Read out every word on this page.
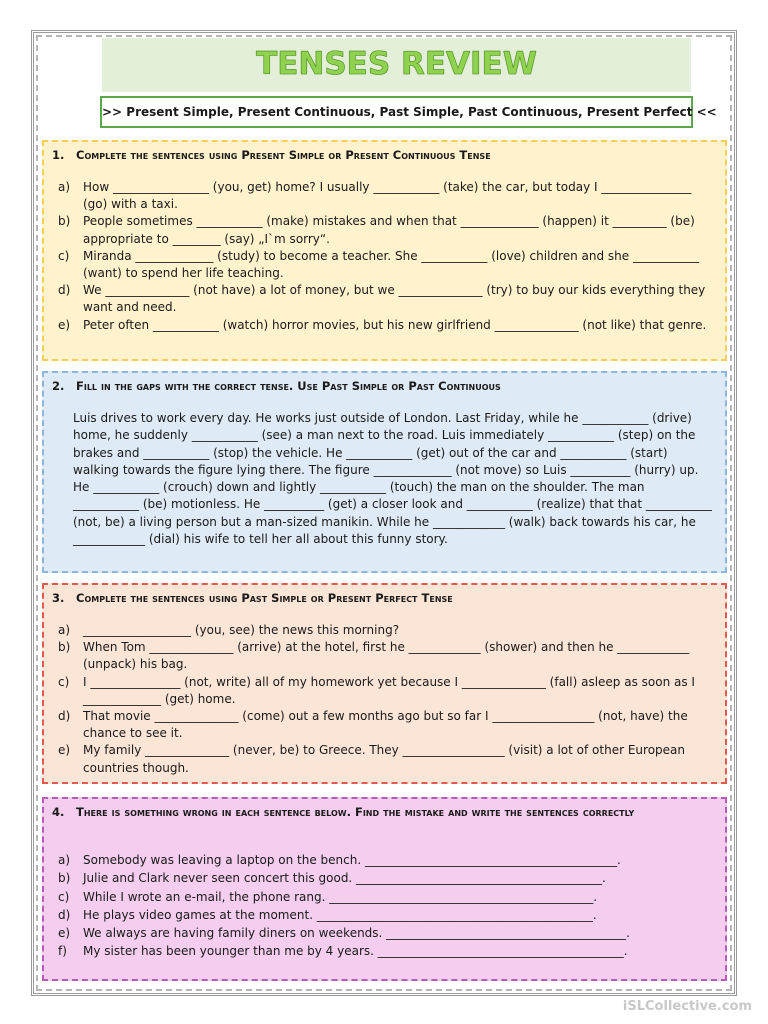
TENSES REVIEW
>> Present Simple, Present Continuous, Past Simple, Past Continuous, Present Perfect <<
1. Complete the sentences using Present Simple or Present Continuous Tense
a) How ________________ (you, get) home? I usually ___________ (take) the car, but today I _______________ (go) with a taxi.
b) People sometimes ___________ (make) mistakes and when that _____________ (happen) it _________ (be) appropriate to ________ (say) „I`m sorry“.
c) Miranda _____________ (study) to become a teacher. She ___________ (love) children and she ___________ (want) to spend her life teaching.
d) We ______________ (not have) a lot of money, but we ______________ (try) to buy our kids everything they want and need.
e) Peter often ___________ (watch) horror movies, but his new girlfriend ______________ (not like) that genre.
2. Fill in the gaps with the correct tense. Use Past Simple or Past Continuous
Luis drives to work every day. He works just outside of London. Last Friday, while he ___________ (drive) home, he suddenly ___________ (see) a man next to the road. Luis immediately ___________ (step) on the brakes and ___________ (stop) the vehicle. He ___________ (get) out of the car and ___________ (start) walking towards the figure lying there. The figure _____________ (not move) so Luis __________ (hurry) up. He ___________ (crouch) down and lightly ___________ (touch) the man on the shoulder. The man ___________ (be) motionless. He __________ (get) a closer look and ___________ (realize) that that ___________ (not, be) a living person but a man-sized manikin. While he ____________ (walk) back towards his car, he ____________ (dial) his wife to tell her all about this funny story.
3. Complete the sentences using Past Simple or Present Perfect Tense
a) __________________ (you, see) the news this morning?
b) When Tom ______________ (arrive) at the hotel, first he ____________ (shower) and then he ____________ (unpack) his bag.
c) I _______________ (not, write) all of my homework yet because I ______________ (fall) asleep as soon as I _____________ (get) home.
d) That movie ______________ (come) out a few months ago but so far I _________________ (not, have) the chance to see it.
e) My family ______________ (never, be) to Greece. They _________________ (visit) a lot of other European countries though.
4.	There is something wrong in each sentence below. Find the mistake and write the sentences correctly
a) Somebody was leaving a laptop on the bench. __________________________________________.
b) Julie and Clark never seen concert this good. _________________________________________.
c) While I wrote an e-mail, the phone rang. ____________________________________________.
d) He plays video games at the moment. ______________________________________________.
e) We always are having family diners on weekends. ________________________________________.
f) My sister has been younger than me by 4 years. _________________________________________.
iSLCollective.com
